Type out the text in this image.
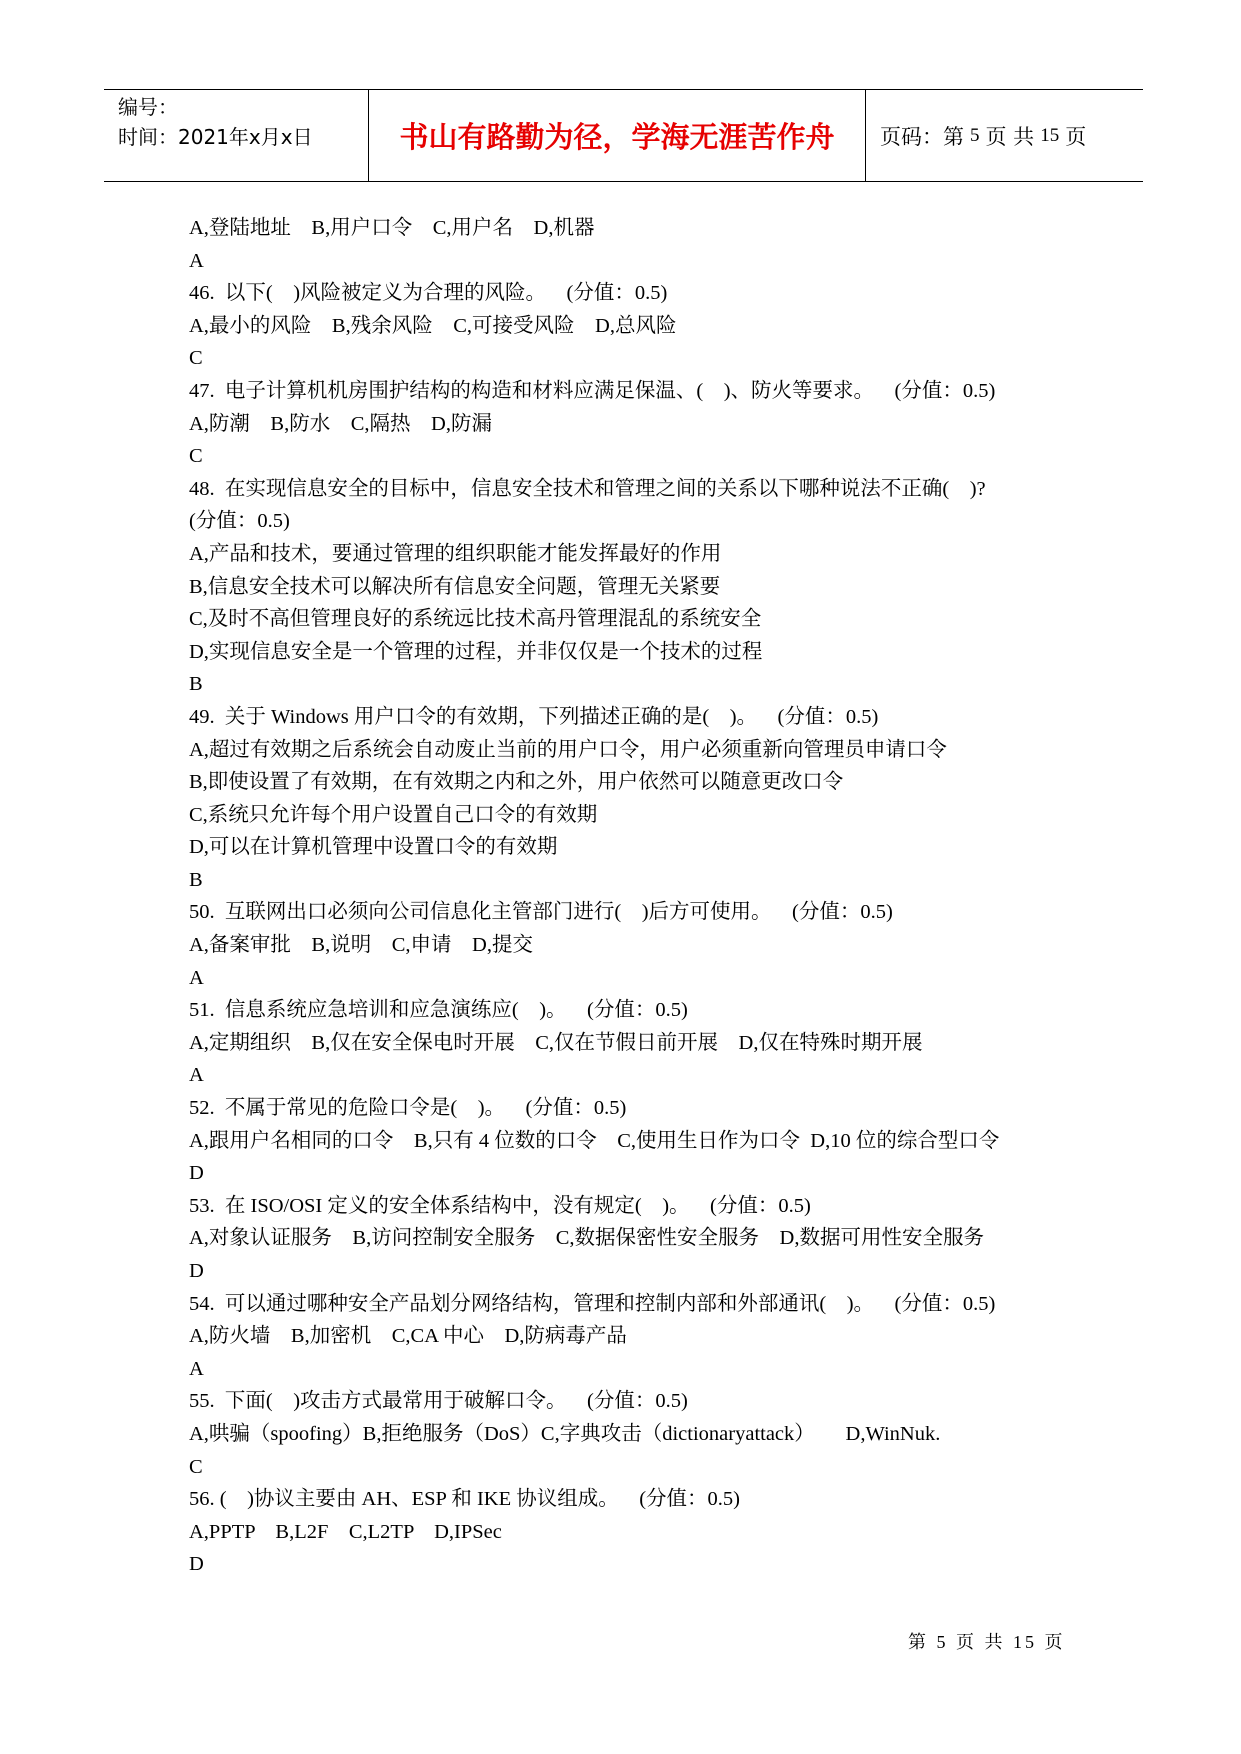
编号：
时间：2021年x月x日	书山有路勤为径，学海无涯苦作舟	页码：第 5 页 共 15 页
A,登陆地址    B,用户口令    C,用户名    D,机器
A
46.  以下(    )风险被定义为合理的风险。    (分值：0.5)
A,最小的风险    B,残余风险    C,可接受风险    D,总风险
C
47.  电子计算机机房围护结构的构造和材料应满足保温、(    )、防火等要求。    (分值：0.5)
A,防潮    B,防水    C,隔热    D,防漏
C
48.  在实现信息安全的目标中，信息安全技术和管理之间的关系以下哪种说法不正确(    )?
(分值：0.5)
A,产品和技术，要通过管理的组织职能才能发挥最好的作用
B,信息安全技术可以解决所有信息安全问题，管理无关紧要
C,及时不高但管理良好的系统远比技术高丹管理混乱的系统安全
D,实现信息安全是一个管理的过程，并非仅仅是一个技术的过程
B
49.  关于 Windows 用户口令的有效期，下列描述正确的是(    )。    (分值：0.5)
A,超过有效期之后系统会自动废止当前的用户口令，用户必须重新向管理员申请口令
B,即使设置了有效期，在有效期之内和之外，用户依然可以随意更改口令
C,系统只允许每个用户设置自己口令的有效期
D,可以在计算机管理中设置口令的有效期
B
50.  互联网出口必须向公司信息化主管部门进行(    )后方可使用。    (分值：0.5)
A,备案审批    B,说明    C,申请    D,提交
A
51.  信息系统应急培训和应急演练应(    )。    (分值：0.5)
A,定期组织    B,仅在安全保电时开展    C,仅在节假日前开展    D,仅在特殊时期开展
A
52.  不属于常见的危险口令是(    )。    (分值：0.5)
A,跟用户名相同的口令    B,只有 4 位数的口令    C,使用生日作为口令  D,10 位的综合型口令
D
53.  在 ISO/OSI 定义的安全体系结构中，没有规定(    )。    (分值：0.5)
A,对象认证服务    B,访问控制安全服务    C,数据保密性安全服务    D,数据可用性安全服务
D
54.  可以通过哪种安全产品划分网络结构，管理和控制内部和外部通讯(    )。    (分值：0.5)
A,防火墙    B,加密机    C,CA 中心    D,防病毒产品
A
55.  下面(    )攻击方式最常用于破解口令。    (分值：0.5)
A,哄骗（spoofing）B,拒绝服务（DoS）C,字典攻击（dictionaryattack）      D,WinNuk.
C
56. (    )协议主要由 AH、ESP 和 IKE 协议组成。    (分值：0.5)
A,PPTP    B,L2F    C,L2TP    D,IPSec
D
第 5 页 共 15 页
